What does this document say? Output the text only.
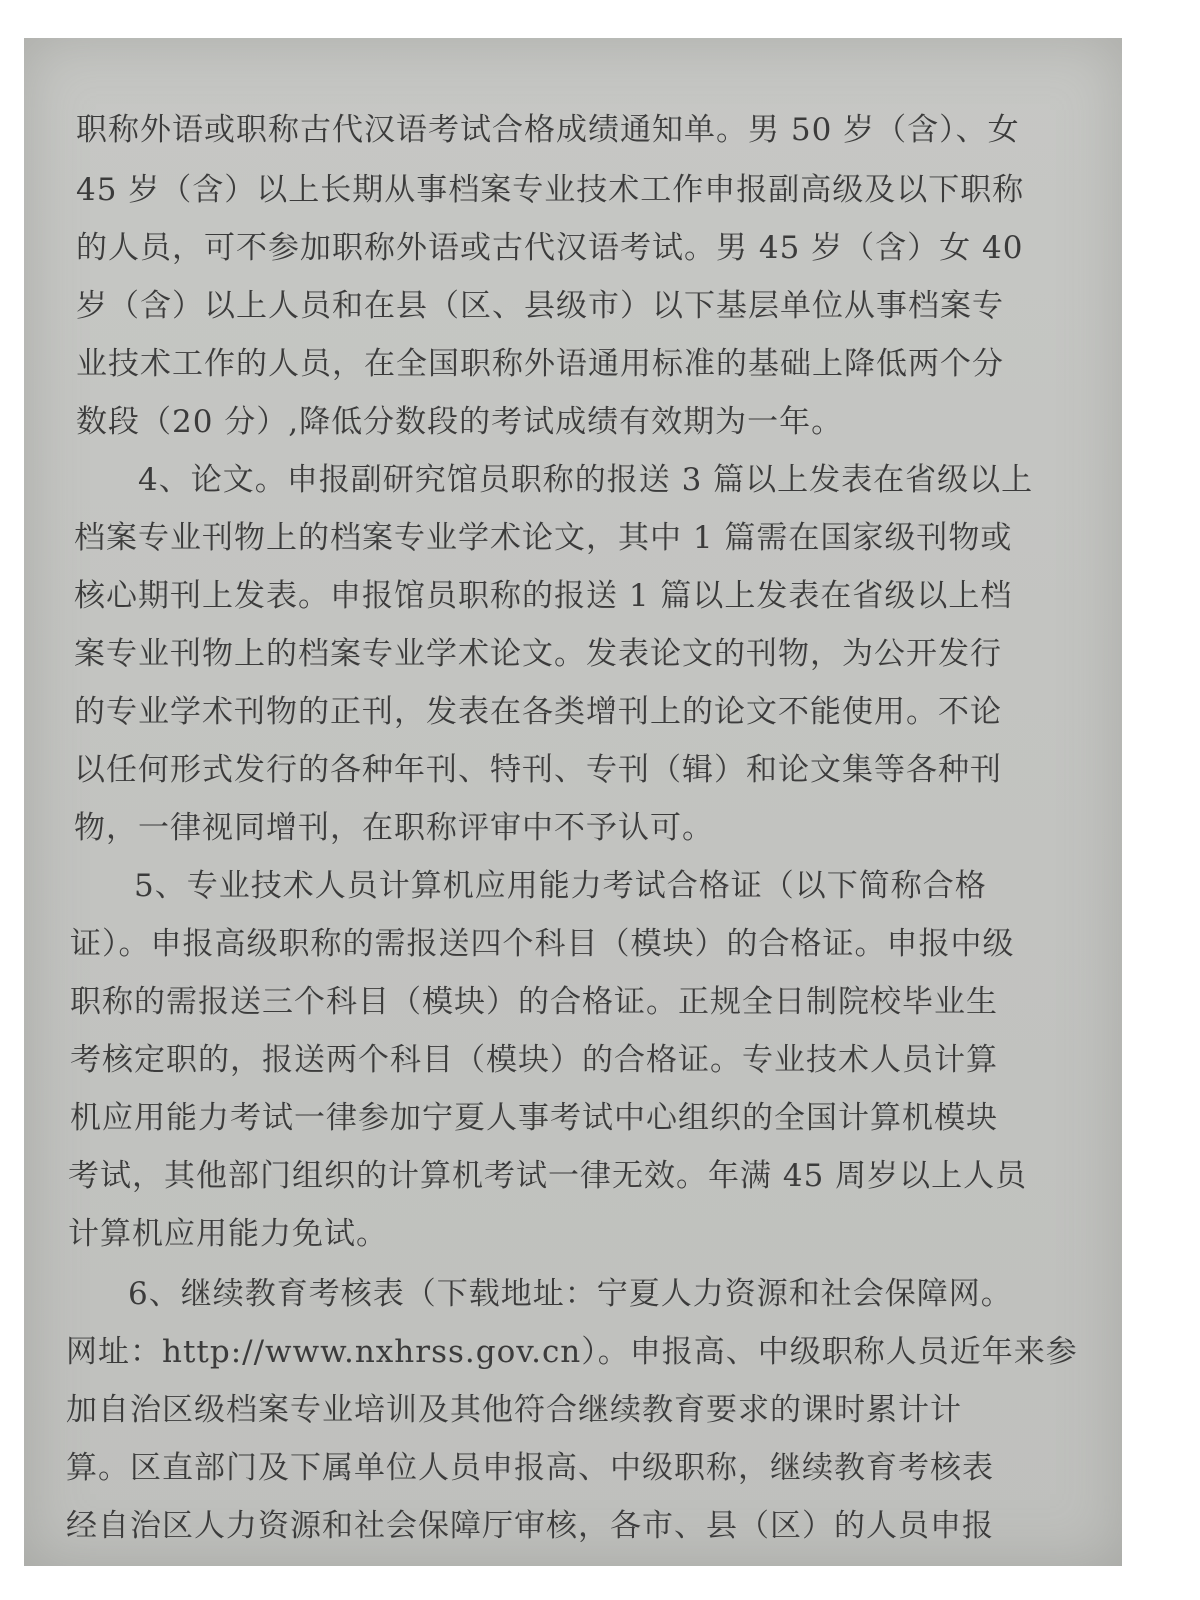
职称外语或职称古代汉语考试合格成绩通知单。男 50 岁（含）、女
45 岁（含）以上长期从事档案专业技术工作申报副高级及以下职称
的人员，可不参加职称外语或古代汉语考试。男 45 岁（含）女 40
岁（含）以上人员和在县（区、县级市）以下基层单位从事档案专
业技术工作的人员，在全国职称外语通用标准的基础上降低两个分
数段（20 分）,降低分数段的考试成绩有效期为一年。
4、论文。申报副研究馆员职称的报送 3 篇以上发表在省级以上
档案专业刊物上的档案专业学术论文，其中 1 篇需在国家级刊物或
核心期刊上发表。申报馆员职称的报送 1 篇以上发表在省级以上档
案专业刊物上的档案专业学术论文。发表论文的刊物，为公开发行
的专业学术刊物的正刊，发表在各类增刊上的论文不能使用。不论
以任何形式发行的各种年刊、特刊、专刊（辑）和论文集等各种刊
物，一律视同增刊，在职称评审中不予认可。
5、专业技术人员计算机应用能力考试合格证（以下简称合格
证）。申报高级职称的需报送四个科目（模块）的合格证。申报中级
职称的需报送三个科目（模块）的合格证。正规全日制院校毕业生
考核定职的，报送两个科目（模块）的合格证。专业技术人员计算
机应用能力考试一律参加宁夏人事考试中心组织的全国计算机模块
考试，其他部门组织的计算机考试一律无效。年满 45 周岁以上人员
计算机应用能力免试。
6、继续教育考核表（下载地址：宁夏人力资源和社会保障网。
网址：http://www.nxhrss.gov.cn）。申报高、中级职称人员近年来参
加自治区级档案专业培训及其他符合继续教育要求的课时累计计
算。区直部门及下属单位人员申报高、中级职称，继续教育考核表
经自治区人力资源和社会保障厅审核，各市、县（区）的人员申报
